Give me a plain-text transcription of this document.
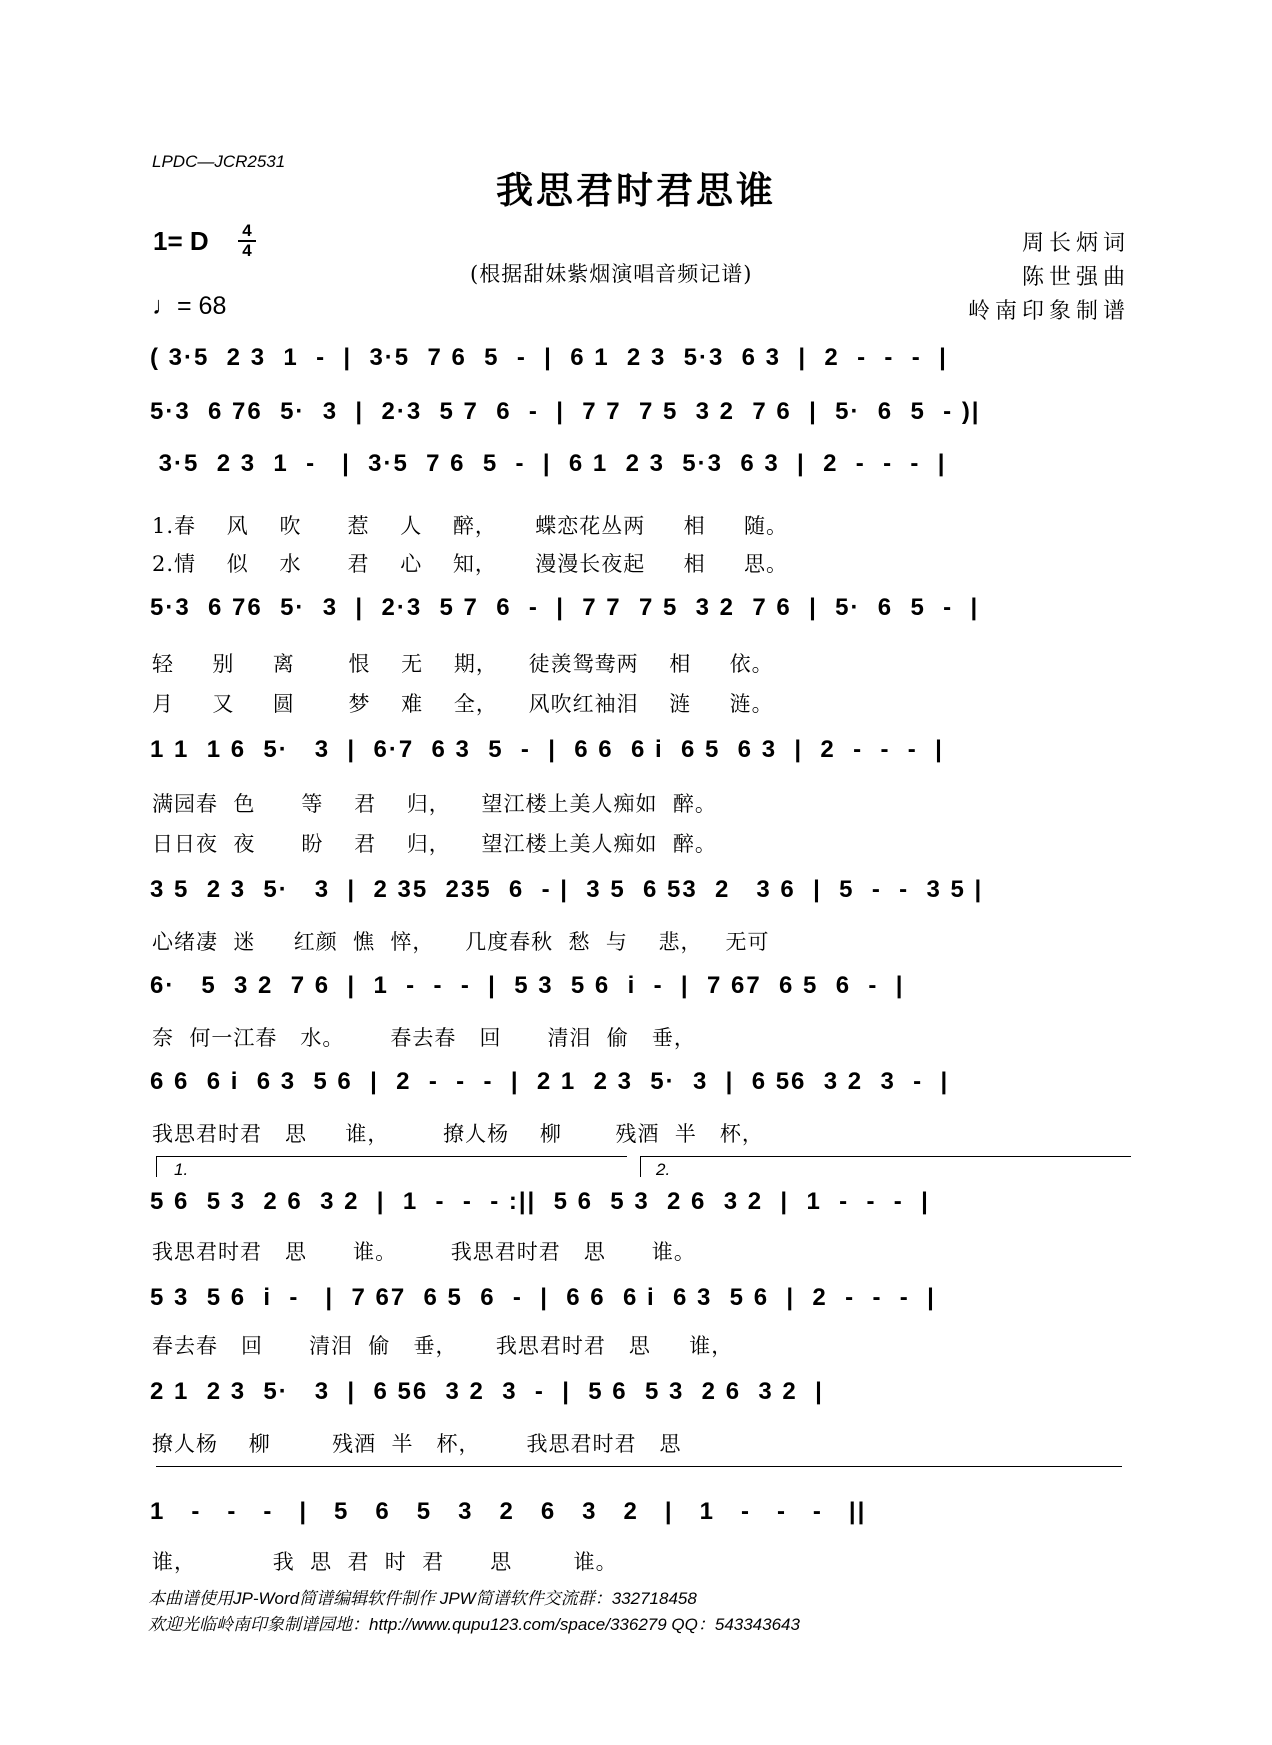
LPDC—JCR2531
我思君时君思谁
1= D	4
4
(根据甜妹紫烟演唱音频记谱)
♩= 68
周长炳词
陈世强曲
岭南印象制谱
( 3·5  2 3  1  -  |  3·5  7 6  5  -  |  6 1  2 3  5·3  6 3  |  2  -  -  -  |
5·3  6 76  5·  3  |  2·3  5 7  6  -  |  7 7  7 5  3 2  7 6  |  5·  6  5  - )|
3·5  2 3  1  -   |  3·5  7 6  5  -  |  6 1  2 3  5·3  6 3  |  2  -  -  -  |
1.春    风    吹      惹    人    醉，     蝶恋花丛两     相     随。
2.情    似    水      君    心    知，     漫漫长夜起     相     思。
5·3  6 76  5·  3  |  2·3  5 7  6  -  |  7 7  7 5  3 2  7 6  |  5·  6  5  -  |
轻     别     离       恨    无    期，    徒羡鸳鸯两    相     依。
月     又     圆       梦    难    全，    风吹红袖泪    涟     涟。
1 1  1 6  5·   3  |  6·7  6 3  5  -  |  6 6  6 i  6 5  6 3  |  2  -  -  -  |
满园春  色      等    君    归，    望江楼上美人痴如  醉。
日日夜  夜      盼    君    归，    望江楼上美人痴如  醉。
3 5  2 3  5·   3  |  2 35  235  6  - |  3 5  6 53  2   3 6  |  5  -  -  3 5 |
心绪凄  迷     红颜  憔  悴，    几度春秋  愁  与    悲，   无可
6·   5  3 2  7 6  |  1  -  -  -  |  5 3  5 6  i  -  |  7 67  6 5  6  -  |
奈  何一江春   水。      春去春   回      清泪  偷   垂，
6 6  6 i  6 3  5 6  |  2  -  -  -  |  2 1  2 3  5·  3  |  6 56  3 2  3  -  |
我思君时君   思     谁，       撩人杨    柳       残酒  半   杯，
1.	2.
5 6  5 3  2 6  3 2  |  1  -  -  - :||  5 6  5 3  2 6  3 2  |  1  -  -  -  |
我思君时君   思      谁。       我思君时君   思      谁。
5 3  5 6  i  -   |  7 67  6 5  6  -  |  6 6  6 i  6 3  5 6  |  2  -  -  -  |
春去春   回      清泪  偷   垂，     我思君时君   思     谁，
2 1  2 3  5·   3  |  6 56  3 2  3  -  |  5 6  5 3  2 6  3 2  |
撩人杨    柳        残酒  半   杯，      我思君时君   思
1   -   -   -   |   5   6   5   3   2   6   3   2   |   1   -   -   -   ||
谁，          我  思  君  时  君      思        谁。
本曲谱使用JP-Word简谱编辑软件制作 JPW简谱软件交流群：332718458
欢迎光临岭南印象制谱园地：http://www.qupu123.com/space/336279 QQ：543343643
